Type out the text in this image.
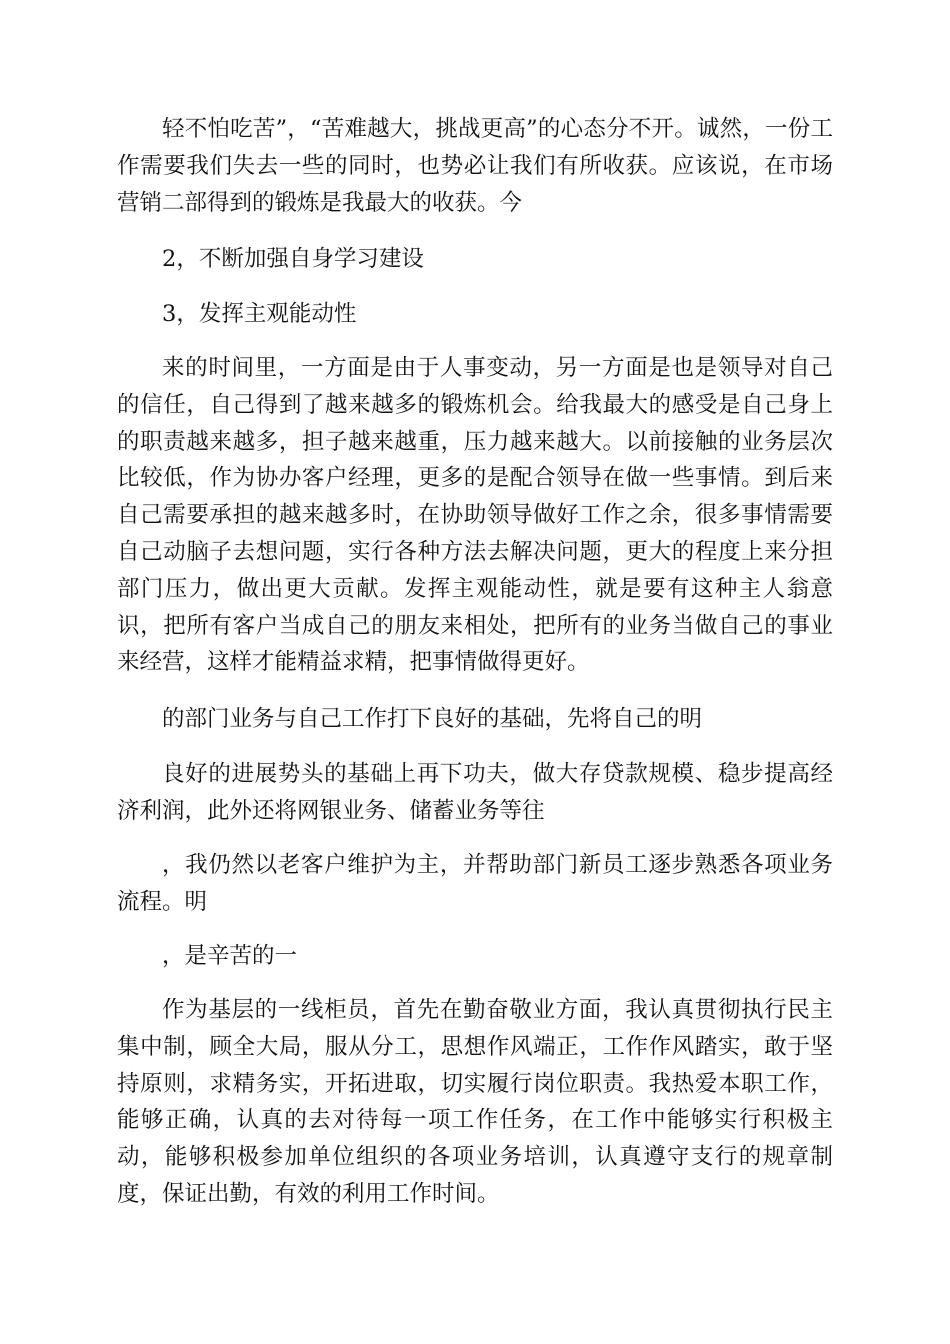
轻不怕吃苦”，“苦难越大，挑战更高”的心态分不开。诚然，一份工作需要我们失去一些的同时，也势必让我们有所收获。应该说，在市场营销二部得到的锻炼是我最大的收获。今

2，不断加强自身学习建设

3，发挥主观能动性

来的时间里，一方面是由于人事变动，另一方面是也是领导对自己的信任，自己得到了越来越多的锻炼机会。给我最大的感受是自己身上的职责越来越多，担子越来越重，压力越来越大。以前接触的业务层次比较低，作为协办客户经理，更多的是配合领导在做一些事情。到后来自己需要承担的越来越多时，在协助领导做好工作之余，很多事情需要自己动脑子去想问题，实行各种方法去解决问题，更大的程度上来分担部门压力，做出更大贡献。发挥主观能动性，就是要有这种主人翁意识，把所有客户当成自己的朋友来相处，把所有的业务当做自己的事业来经营，这样才能精益求精，把事情做得更好。

的部门业务与自己工作打下良好的基础，先将自己的明

良好的进展势头的基础上再下功夫，做大存贷款规模、稳步提高经济利润，此外还将网银业务、储蓄业务等往

，我仍然以老客户维护为主，并帮助部门新员工逐步熟悉各项业务流程。明

，是辛苦的一

作为基层的一线柜员，首先在勤奋敬业方面，我认真贯彻执行民主集中制，顾全大局，服从分工，思想作风端正，工作作风踏实，敢于坚持原则，求精务实，开拓进取，切实履行岗位职责。我热爱本职工作，能够正确，认真的去对待每一项工作任务，在工作中能够实行积极主动，能够积极参加单位组织的各项业务培训，认真遵守支行的规章制度，保证出勤，有效的利用工作时间。
